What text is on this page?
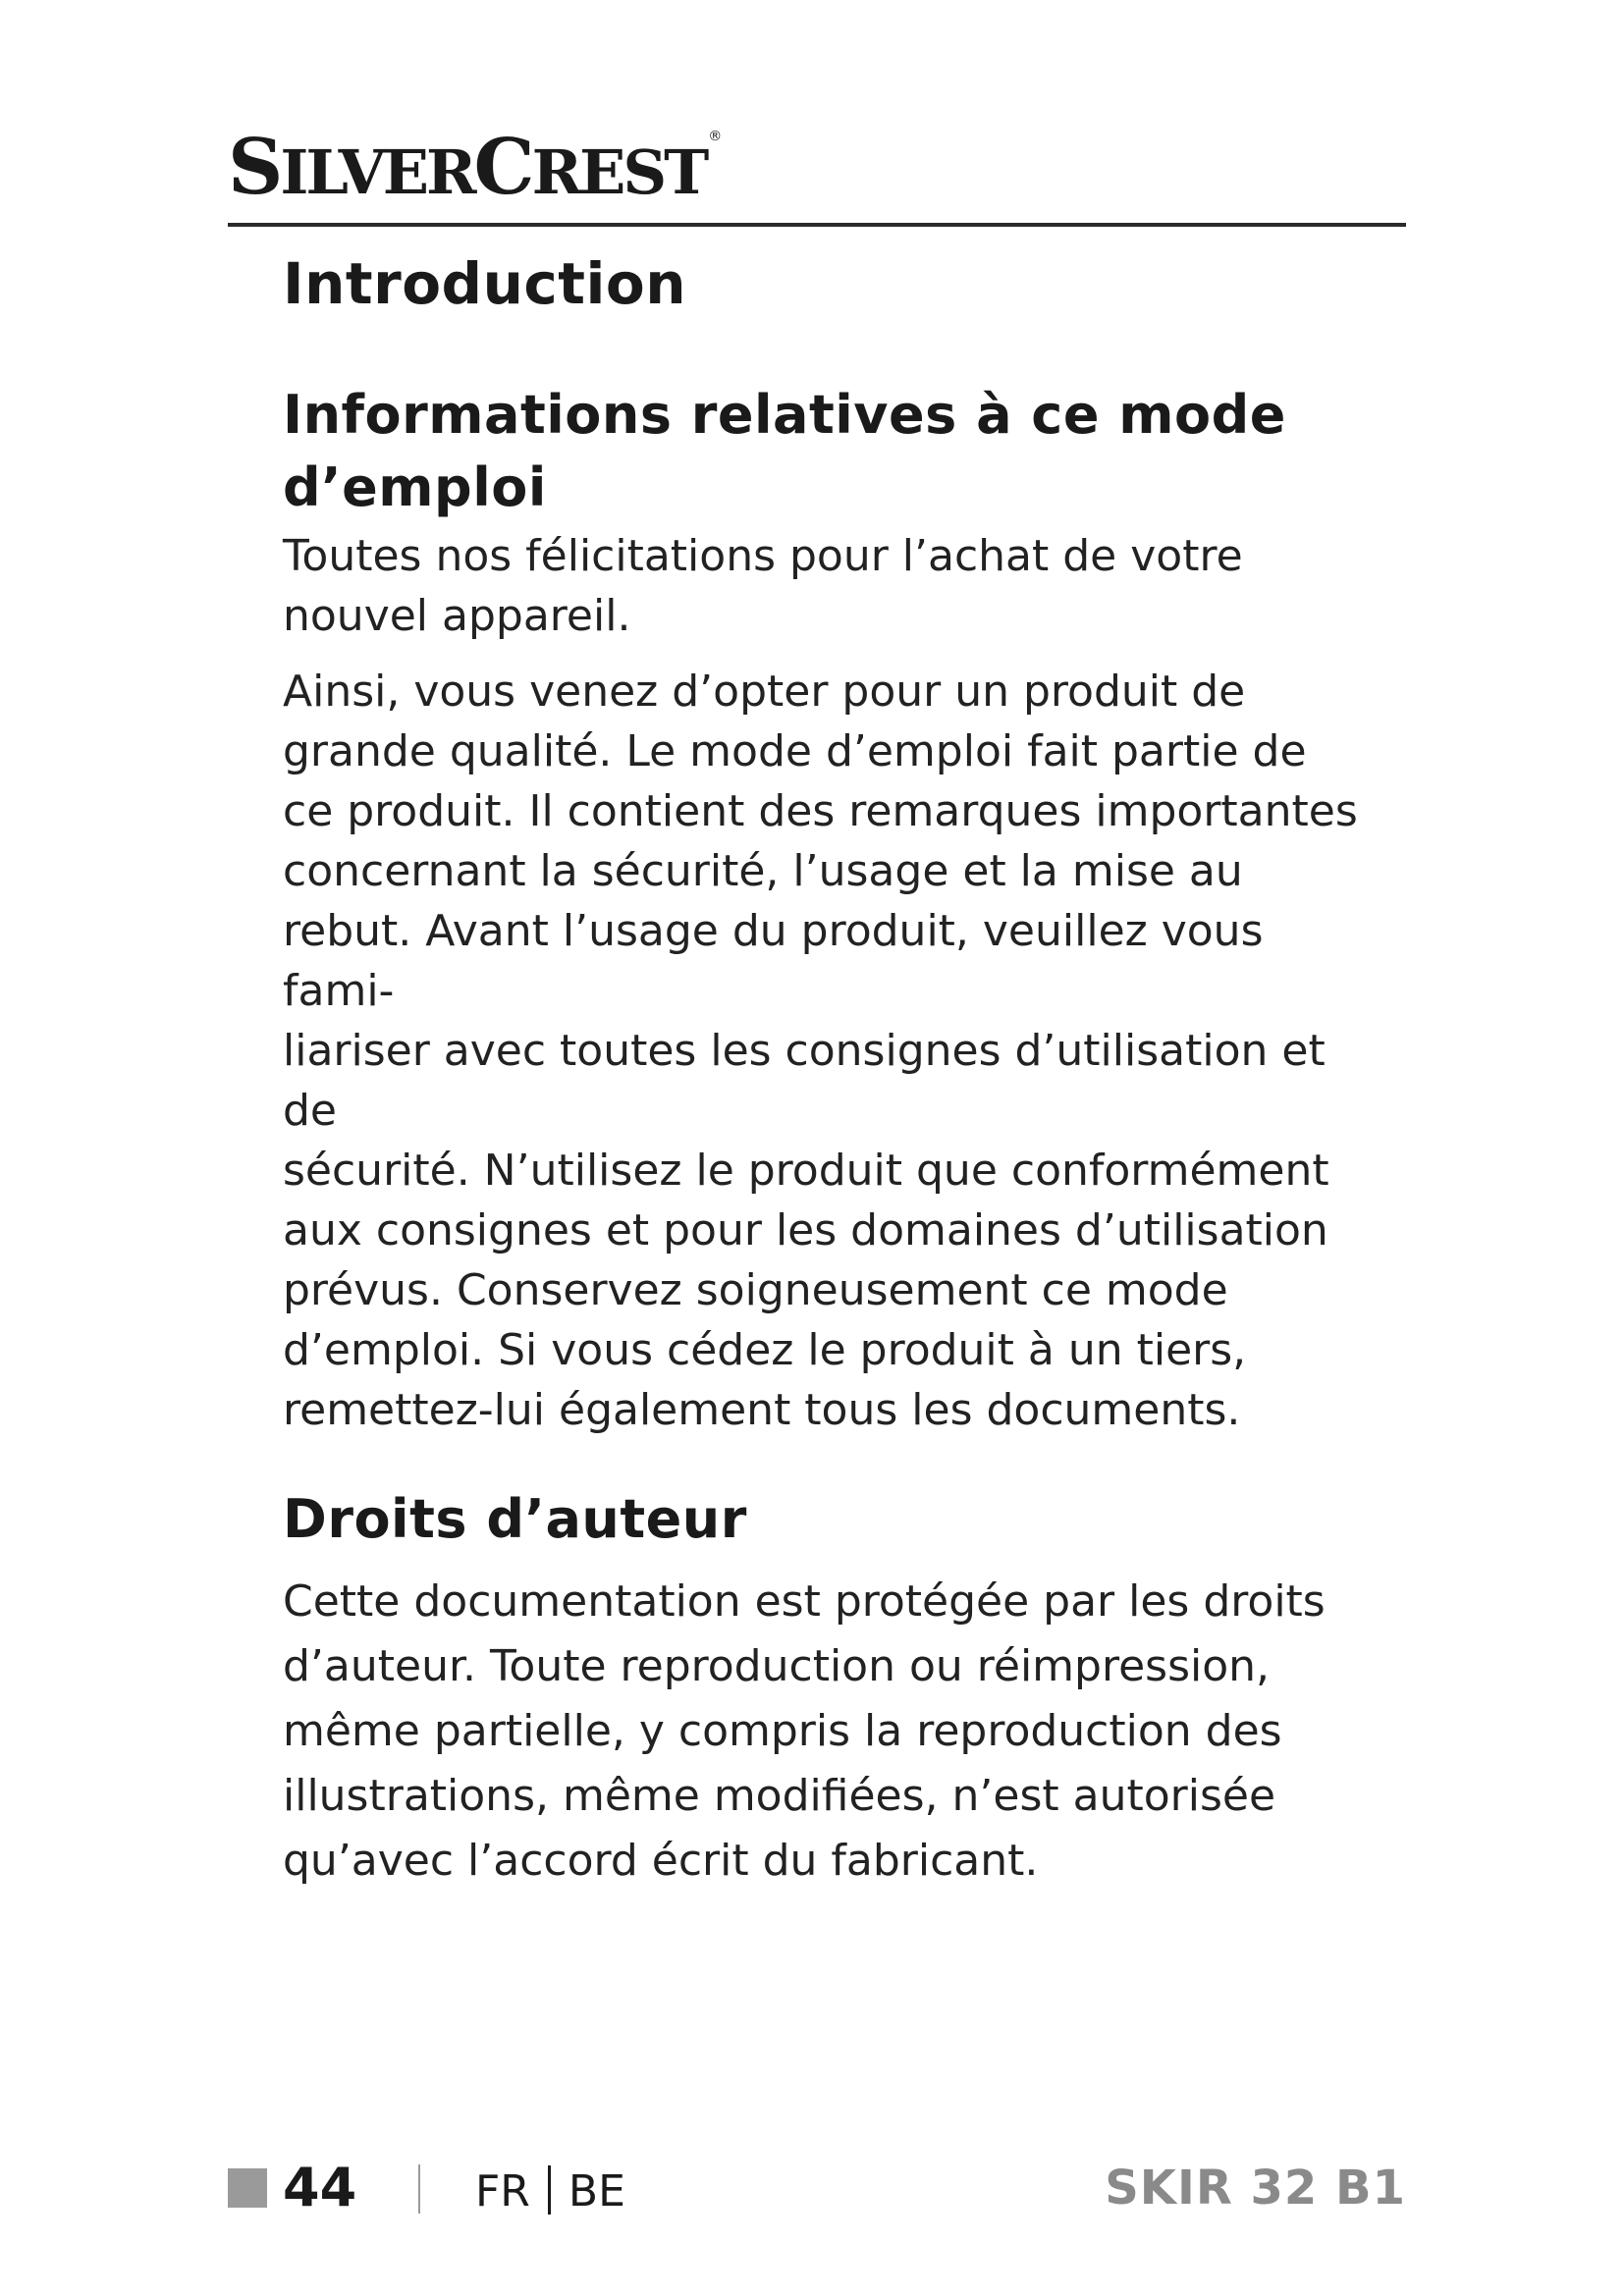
SILVERCREST ®
Introduction
Informations relatives à ce mode
d’emploi

Toutes nos félicitations pour l’achat de votre
nouvel appareil.

Ainsi, vous venez d’opter pour un produit de
grande qualité. Le mode d’emploi fait partie de
ce produit. Il contient des remarques importantes
concernant la sécurité, l’usage et la mise au
rebut. Avant l’usage du produit, veuillez vous fami-
liariser avec toutes les consignes d’utilisation et de
sécurité. N’utilisez le produit que conformément
aux consignes et pour les domaines d’utilisation
prévus. Conservez soigneusement ce mode
d’emploi. Si vous cédez le produit à un tiers,
remettez-lui également tous les documents.

Droits d’auteur

Cette documentation est protégée par les droits
d’auteur. Toute reproduction ou réimpression,
même partielle, y compris la reproduction des
illustrations, même modifiées, n’est autorisée
qu’avec l’accord écrit du fabricant.

44	FR BE	SKIR 32 B1
